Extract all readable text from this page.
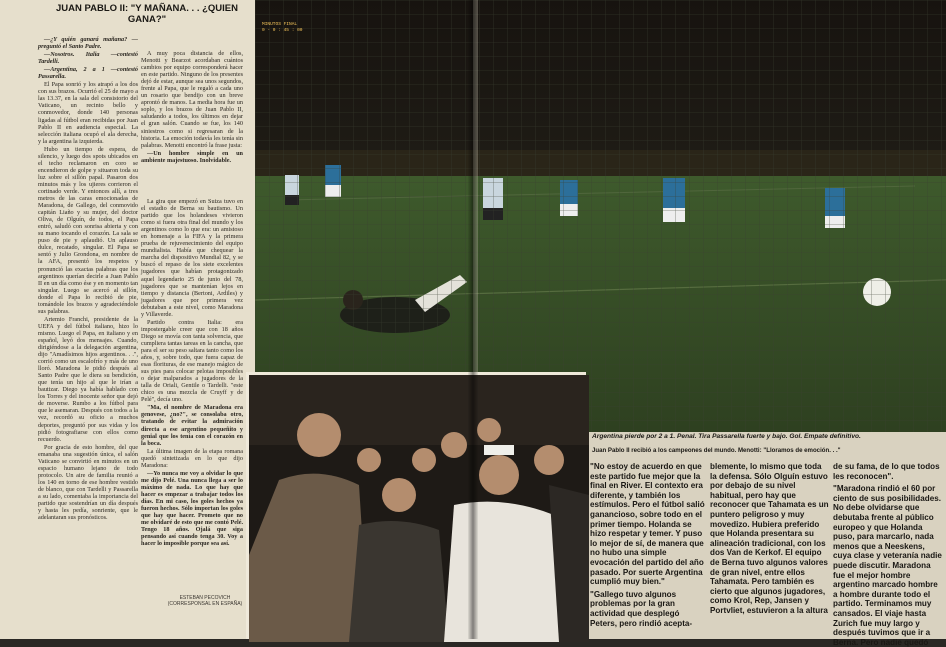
JUAN PABLO II: "Y MAÑANA. . . ¿QUIEN GANA?"

—¿Y quién ganará mañana? —preguntó el Santo Padre.

—Nosotros. Italia —contestó Tardelli.

—Argentina, 2 a 1 —contestó Passarella.

El Papa sonrió y los atrapó a los dos con sus brazos. Ocurrió el 25 de mayo a las 13.37, en la sala del consistorio del Vaticano, un recinto bello y conmovedor, donde 140 personas ligadas al fútbol eran recibidas por Juan Pablo II en audiencia especial. La selección italiana ocupó el ala derecha, y la argentina la izquierda.

Hubo un tiempo de espera, de silencio, y luego dos spots ubicados en el techo reclamaron en coro se encendieron de golpe y situaron toda su luz sobre el sillón papal. Pasaron dos minutos más y los ujieres corrieron el cortinado verde. Y entonces allí, a tres metros de las caras emocionadas de Maradona, de Gallego, del conmovido capitán Liaño y su mujer, del doctor Oliva, de Olguín, de todos, el Papa entró, saludó con sonrisa abierta y con su mano tocando el corazón. La sala se puso de pie y aplaudió. Un aplauso dulce, recatado, singular. El Papa se sentó y Julio Grondona, en nombre de la AFA, presentó los respetos y pronunció las exactas palabras que los argentinos querían decirle a Juan Pablo II en un día como ése y en momento tan singular. Luego se acercó al sillón, donde el Papa lo recibió de pie, tomándole los brazos y agradeciéndole sus palabras.

Artemio Franchi, presidente de la UEFA y del fútbol italiano, hizo lo mismo. Luego el Papa, en italiano y en español, leyó dos mensajes. Cuando, dirigiéndose a la delegación argentina, dijo "Amadísimos hijos argentinos. . .", corrió como un escalofrío y más de uno lloró. Maradona le pidió después al Santo Padre que le diera su bendición, que tenía un hijo al que le irían a bautizar. Diego ya había hablado con los Torres y del inocente señor que dejó de moverse. Rumbo a los fútbol para que le asemaran. Después con todos a la vez, recordó su oficio a muchos deportes, preguntó por sus vidas y los pidió fotografiarse con ellos como recuerdo.

Por gracia de esto hombre, del que emanaba una sugestión única, el salón Vaticano se convirtió en minutos en un espacio humano lejano de todo protocolo. Un aire de familia reunió a los 140 en torno de ese hombre vestido de blanco, que con Tardelli y Passarella a su lado, comentaba la importancia del partido que sostendrían un día después y hasta les pedía, sonriente, que le adelantaran sus pronósticos.

A muy poca distancia de ellos, Menotti y Bearzot acordaban cuántos cambios por equipo corresponderá hacer en este partido. Ninguno de los presentes dejó de estar, aunque sea unos segundos, frente al Papa, que le regaló a cada uno un rosario que bendijo con un breve aprontó de manos. La media hora fue un soplo, y los brazos de Juan Pablo II, saludando a todos, los últimos en dejar el gran salón. Cuando se fue, los 140 siniestros como si regresaran de la historia. La emoción todavía les tenía sin palabras. Menotti encontró la frase justa:

—Un hombre simple en un ambiente majestuoso. Inolvidable.

La gira que empezó en Suiza tuvo en el estadio de Berna su bautismo. Un partido que los holandeses vivieron como si fuera otra final del mundo y los argentinos como lo que era: un amistoso en homenaje a la FIFA y la primera prueba de rejuvenecimiento del equipo mundialista. Había que chequear la marcha del dispositivo Mundial 82, y se buscó el repaso de los siete excelentes jugadores que habían protagonizado aquel legendario 25 de junio del 78, jugadores que se mantenían lejos en tiempo y distancia (Bertoni, Ardiles) y jugadores que por primera vez debutaban a este nivel, como Maradona y Villaverde.

Partido contra Italia: era impostergable creer que con 18 años Diego se movía con tanta solvencia, que cumpliera tantas tareas en la cancha, que para el ser su peso saltara tanto como los años, y, sobre todo, que fuera capaz de esas florituras, de ese manejo mágico de sus pies para colocar pelotas imposibles o dejar malparados a jugadores de la talla de Oriali, Gentile o Tardelli. "este chico es una mezcla de Cruyff y de Pelé", decía uno.

"Ma, el nombre de Maradona era genovese, ¿no?", se consolaba otro, tratando de evitar la admiración directa a ese argentino pequeñito y genial que los tenía con el corazón en la boca.

La última imagen de la etapa romana quedó sintetizada en lo que dijo Maradona:

—Yo nunca me voy a olvidar lo que me dijo Pelé. Una nunca llega a ser lo máximo de nada. Lo que hay que hacer es empezar a trabajar todos los días. En mi caso, los goles hechos ya fueron hechos. Sólo importan los goles que hay que hacer. Prometo que no me olvidaré de esto que me contó Pelé. Tengo 18 años. Ojalá que siga pensando así cuando tenga 30. Voy a hacer lo imposible porque sea así.

ESTEBAN PECOVICH (CORRESPONSAL EN ESPAÑA)
MINUTOS FINAL
0 - 0 : 45 : 00
Argentina pierde por 2 a 1. Penal. Tira Passarella fuerte y bajo. Gol. Empate definitivo.
Juan Pablo II recibió a los campeones del mundo. Menotti: "Lloramos de emoción. . ."

"No estoy de acuerdo en que este partido fue mejor que la final en River. El contexto era diferente, y también los estímulos. Pero el fútbol salió ganancioso, sobre todo en el primer tiempo. Holanda se hizo respetar y temer. Y puso lo mejor de sí, de manera que no hubo una simple evocación del partido del año pasado. Por suerte Argentina cumplió muy bien."

"Gallego tuvo algunos problemas por la gran actividad que desplegó Peters, pero rindió acepta-

blemente, lo mismo que toda la defensa. Sólo Olguín estuvo por debajo de su nivel habitual, pero hay que reconocer que Tahamata es un puntero peligroso y muy movedizo. Hubiera preferido que Holanda presentara su alineación tradicional, con los dos Van de Kerkof. El equipo de Berna tuvo algunos valores de gran nivel, entre ellos Tahamata. Pero también es cierto que algunos jugadores, como Krol, Rep, Jansen y Portvliet, estuvieron a la altura

de su fama, de lo que todos les reconocen".

"Maradona rindió el 60 por ciento de sus posibilidades. No debe olvidarse que debutaba frente al público europeo y que Holanda puso, para marcarlo, nada menos que a Neeskens, cuya clase y veteranía nadie puede discutir. Maradona fue el mejor hombre argentino marcado hombre a hombre durante todo el partido. Terminamos muy cansados. El viaje hasta Zurich fue muy largo y después tuvimos que ir a Berna. Pero nadie quedó
